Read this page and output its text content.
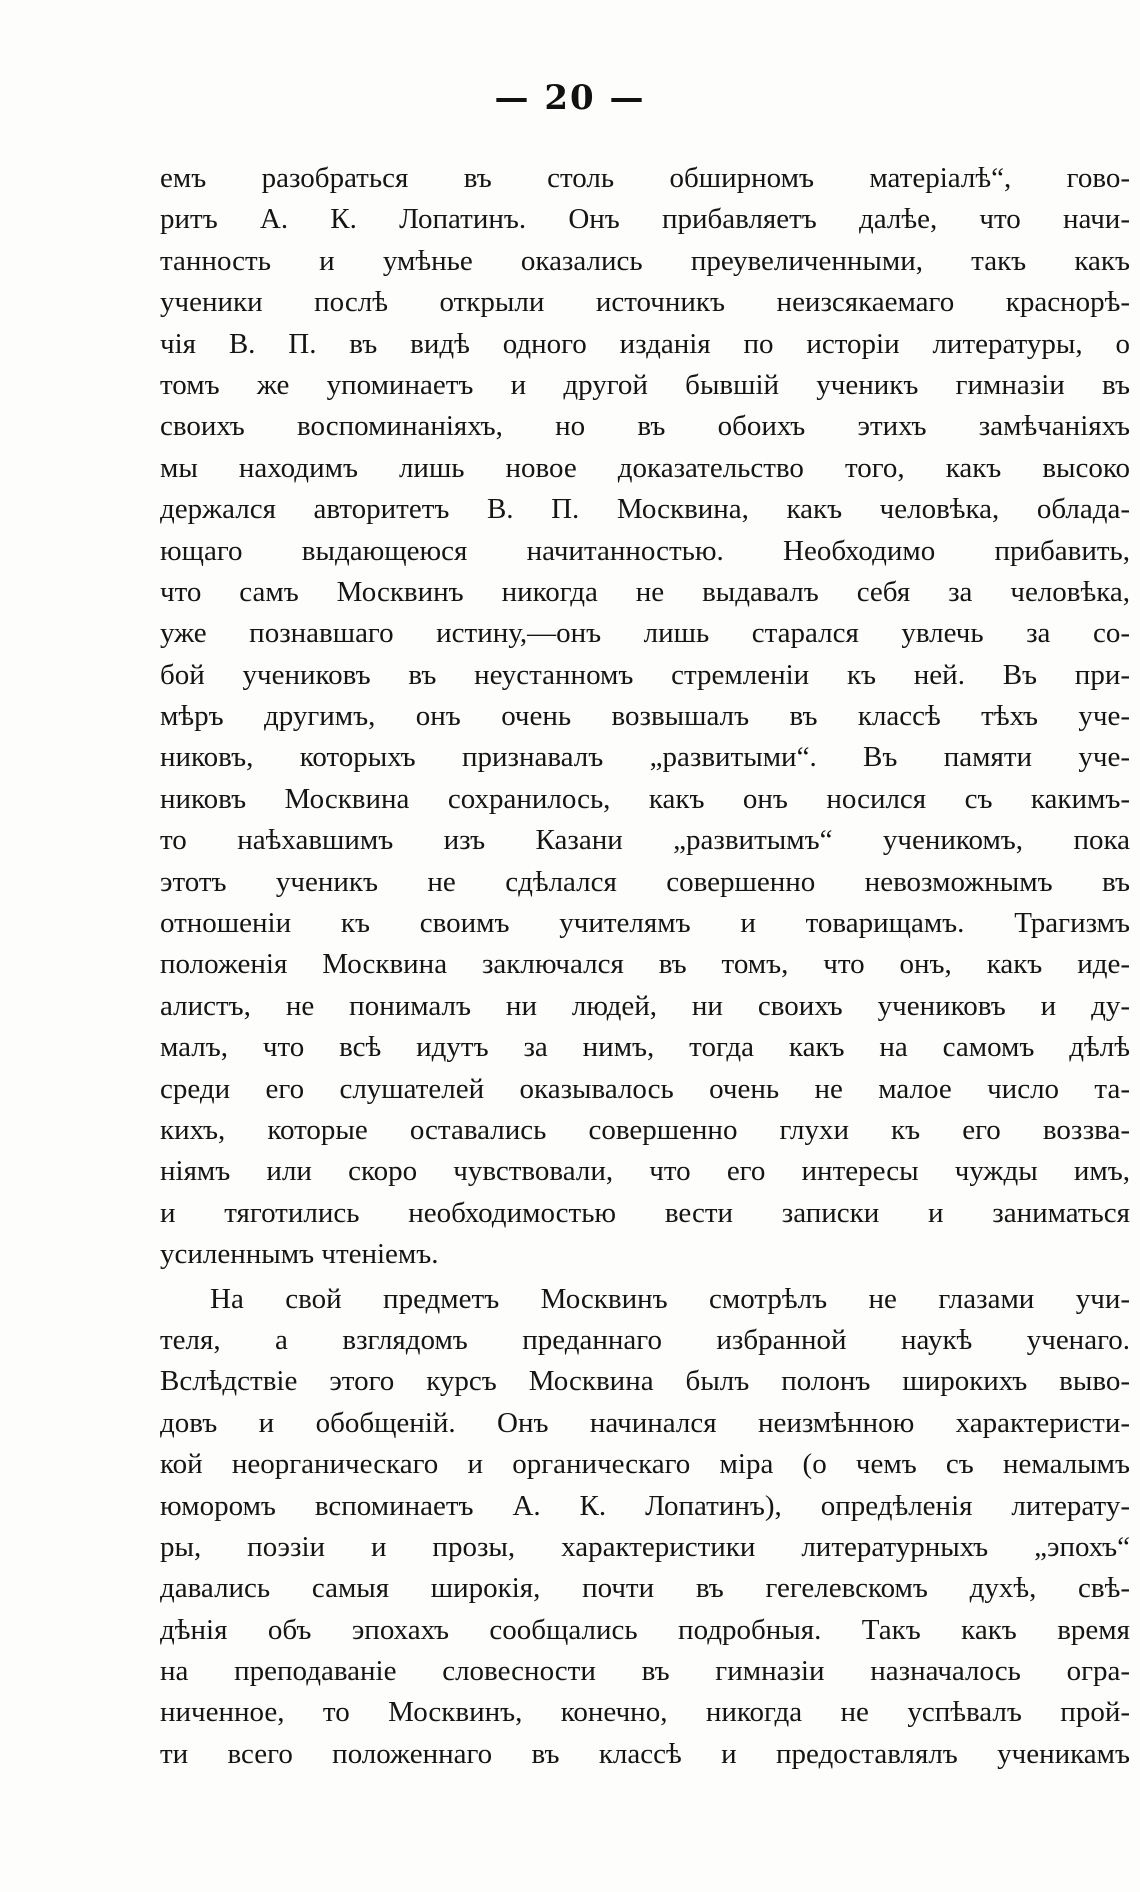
— 20 —
емъ разобраться въ столь обширномъ матеріалѣ“, гово-
ритъ А. К. Лопатинъ. Онъ прибавляетъ далѣе, что начи-
танность и умѣнье оказались преувеличенными, такъ какъ
ученики послѣ открыли источникъ неизсякаемаго краснорѣ-
чія В. П. въ видѣ одного изданія по исторіи литературы, о
томъ же упоминаетъ и другой бывшій ученикъ гимназіи въ
своихъ воспоминаніяхъ, но въ обоихъ этихъ замѣчаніяхъ
мы находимъ лишь новое доказательство того, какъ высоко
держался авторитетъ В. П. Москвина, какъ человѣка, облада-
ющаго выдающеюся начитанностью. Необходимо прибавить,
что самъ Москвинъ никогда не выдавалъ себя за человѣка,
уже познавшаго истину,—онъ лишь старался увлечь за со-
бой учениковъ въ неустанномъ стремленіи къ ней. Въ при-
мѣръ другимъ, онъ очень возвышалъ въ классѣ тѣхъ уче-
никовъ, которыхъ признавалъ „развитыми“. Въ памяти уче-
никовъ Москвина сохранилось, какъ онъ носился съ какимъ-
то наѣхавшимъ изъ Казани „развитымъ“ ученикомъ, пока
этотъ ученикъ не сдѣлался совершенно невозможнымъ въ
отношеніи къ своимъ учителямъ и товарищамъ. Трагизмъ
положенія Москвина заключался въ томъ, что онъ, какъ иде-
алистъ, не понималъ ни людей, ни своихъ учениковъ и ду-
малъ, что всѣ идутъ за нимъ, тогда какъ на самомъ дѣлѣ
среди его слушателей оказывалось очень не малое число та-
кихъ, которые оставались совершенно глухи къ его воззва-
ніямъ или скоро чувствовали, что его интересы чужды имъ,
и тяготились необходимостью вести записки и заниматься
усиленнымъ чтеніемъ.
На свой предметъ Москвинъ смотрѣлъ не глазами учи-
теля, а взглядомъ преданнаго избранной наукѣ ученаго.
Вслѣдствіе этого курсъ Москвина былъ полонъ широкихъ выво-
довъ и обобщеній. Онъ начинался неизмѣнною характеристи-
кой неорганическаго и органическаго міра (о чемъ съ немалымъ
юморомъ вспоминаетъ А. К. Лопатинъ), опредѣленія литерату-
ры, поэзіи и прозы, характеристики литературныхъ „эпохъ“
давались самыя широкія, почти въ гегелевскомъ духѣ, свѣ-
дѣнія объ эпохахъ сообщались подробныя. Такъ какъ время
на преподаваніе словесности въ гимназіи назначалось огра-
ниченное, то Москвинъ, конечно, никогда не успѣвалъ прой-
ти всего положеннаго въ классѣ и предоставлялъ ученикамъ
